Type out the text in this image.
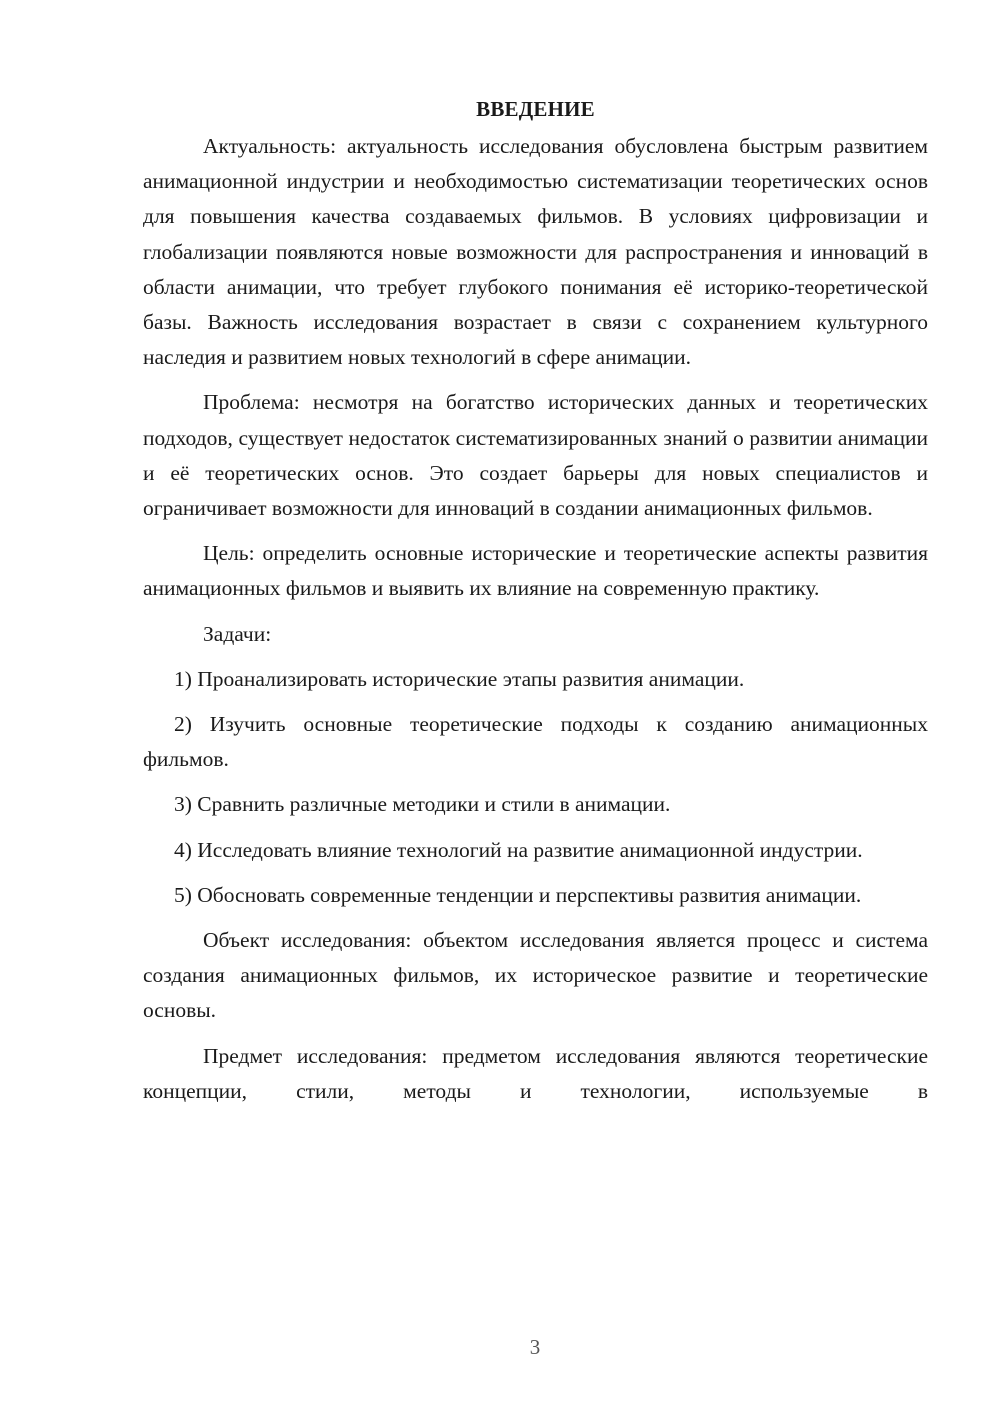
ВВЕДЕНИЕ

Актуальность: актуальность исследования обусловлена быстрым развитием анимационной индустрии и необходимостью систематизации теоретических основ для повышения качества создаваемых фильмов. В условиях цифровизации и глобализации появляются новые возможности для распространения и инноваций в области анимации, что требует глубокого понимания её историко-теоретической базы. Важность исследования возрастает в связи с сохранением культурного наследия и развитием новых технологий в сфере анимации.

Проблема: несмотря на богатство исторических данных и теоретических подходов, существует недостаток систематизированных знаний о развитии анимации и её теоретических основ. Это создает барьеры для новых специалистов и ограничивает возможности для инноваций в создании анимационных фильмов.

Цель: определить основные исторические и теоретические аспекты развития анимационных фильмов и выявить их влияние на современную практику.

Задачи:

1) Проанализировать исторические этапы развития анимации.

2) Изучить основные теоретические подходы к созданию анимационных фильмов.

3) Сравнить различные методики и стили в анимации.

4) Исследовать влияние технологий на развитие анимационной индустрии.

5) Обосновать современные тенденции и перспективы развития анимации.

Объект исследования: объектом исследования является процесс и система создания анимационных фильмов, их историческое развитие и теоретические основы.

Предмет исследования: предметом исследования являются теоретические концепции, стили, методы и технологии, используемые в

3
